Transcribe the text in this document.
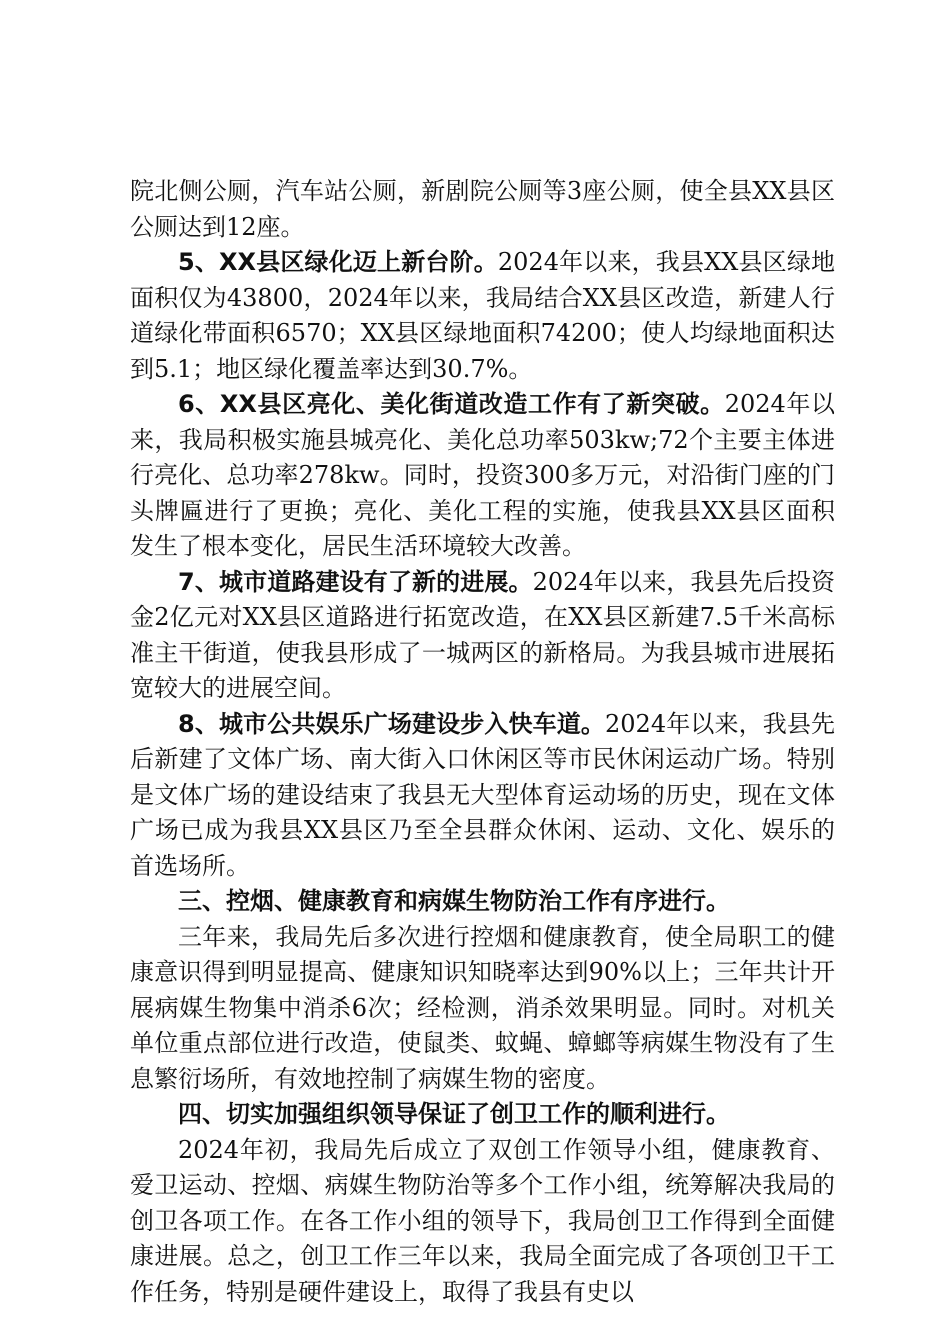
院北侧公厕，汽车站公厕，新剧院公厕等3座公厕，使全县XX县区公厕达到12座。

5、XX县区绿化迈上新台阶。2024年以来，我县XX县区绿地面积仅为43800，2024年以来，我局结合XX县区改造，新建人行道绿化带面积6570；XX县区绿地面积74200；使人均绿地面积达到5.1；地区绿化覆盖率达到30.7%。

6、XX县区亮化、美化街道改造工作有了新突破。2024年以来，我局积极实施县城亮化、美化总功率503kw;72个主要主体进行亮化、总功率278kw。同时，投资300多万元，对沿街门座的门头牌匾进行了更换；亮化、美化工程的实施，使我县XX县区面积发生了根本变化，居民生活环境较大改善。

7、城市道路建设有了新的进展。2024年以来，我县先后投资金2亿元对XX县区道路进行拓宽改造，在XX县区新建7.5千米高标准主干街道，使我县形成了一城两区的新格局。为我县城市进展拓宽较大的进展空间。

8、城市公共娱乐广场建设步入快车道。2024年以来，我县先后新建了文体广场、南大街入口休闲区等市民休闲运动广场。特别是文体广场的建设结束了我县无大型体育运动场的历史，现在文体广场已成为我县XX县区乃至全县群众休闲、运动、文化、娱乐的首选场所。

三、控烟、健康教育和病媒生物防治工作有序进行。

三年来，我局先后多次进行控烟和健康教育，使全局职工的健康意识得到明显提高、健康知识知晓率达到90%以上；三年共计开展病媒生物集中消杀6次；经检测，消杀效果明显。同时。对机关单位重点部位进行改造，使鼠类、蚊蝇、蟑螂等病媒生物没有了生息繁衍场所，有效地控制了病媒生物的密度。

四、切实加强组织领导保证了创卫工作的顺利进行。

2024年初，我局先后成立了双创工作领导小组，健康教育、爱卫运动、控烟、病媒生物防治等多个工作小组，统筹解决我局的创卫各项工作。在各工作小组的领导下，我局创卫工作得到全面健康进展。总之，创卫工作三年以来，我局全面完成了各项创卫干工作任务，特别是硬件建设上，取得了我县有史以
